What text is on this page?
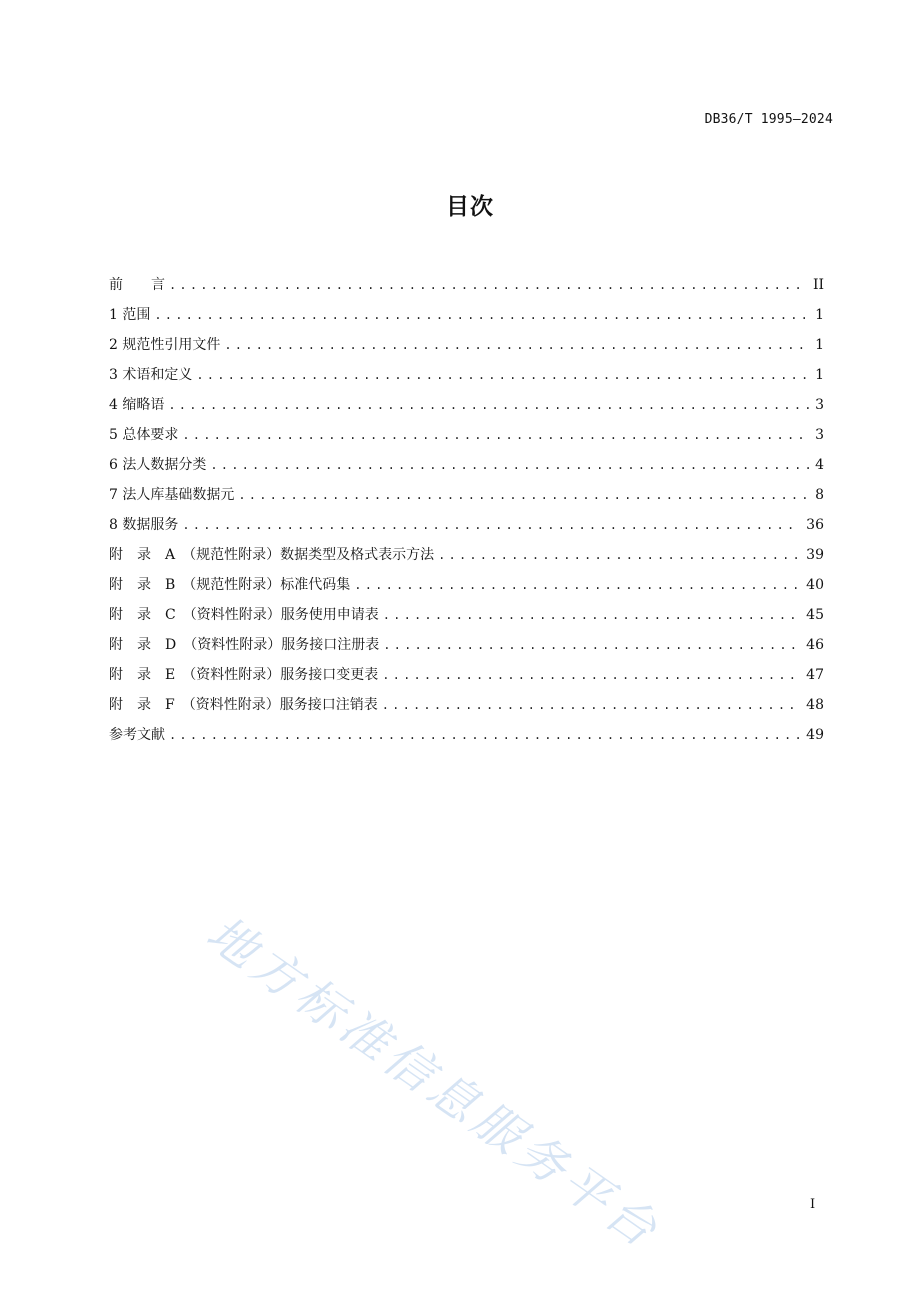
DB36/T 1995—2024
目次
前　　言 .....	II
1 范围 .....	1
2 规范性引用文件 .....	1
3 术语和定义 .....	1
4 缩略语 .....	3
5 总体要求 .....	3
6 法人数据分类 .....	4
7 法人库基础数据元 .....	8
8 数据服务 .....	36
附　录　A　（规范性附录）数据类型及格式表示方法 .....	39
附　录　B　（规范性附录）标准代码集 .....	40
附　录　C　（资料性附录）服务使用申请表 .....	45
附　录　D　（资料性附录）服务接口注册表 .....	46
附　录　E　（资料性附录）服务接口变更表 .....	47
附　录　F　（资料性附录）服务接口注销表 .....	48
参考文献 .....	49
地方标准信息服务平台	I
